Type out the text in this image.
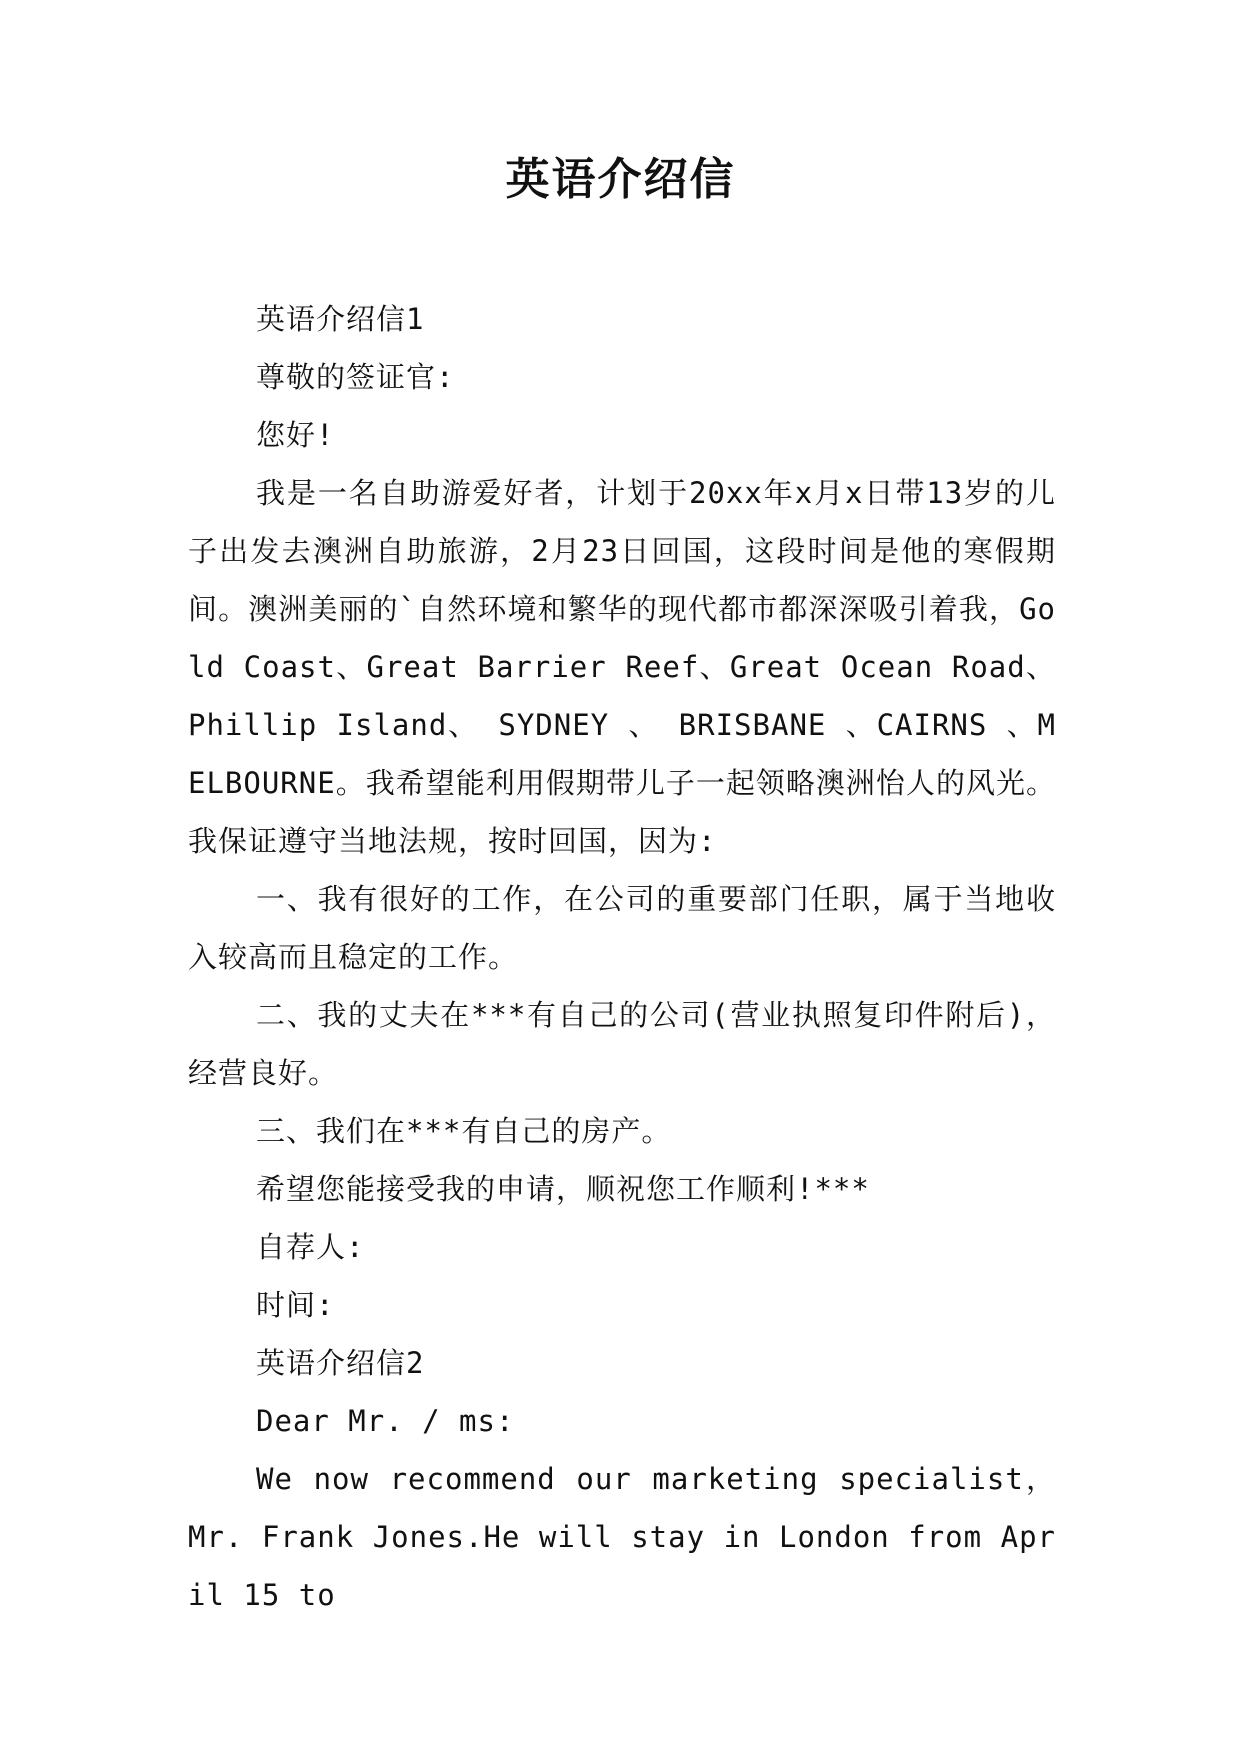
英语介绍信

英语介绍信1

尊敬的签证官:

您好!

我是一名自助游爱好者，计划于20xx年x月x日带13岁的儿子出发去澳洲自助旅游，2月23日回国，这段时间是他的寒假期间。澳洲美丽的`自然环境和繁华的现代都市都深深吸引着我，Gold Coast、Great Barrier Reef、Great Ocean Road、Phillip Island、 SYDNEY 、 BRISBANE 、CAIRNS 、MELBOURNE。我希望能利用假期带儿子一起领略澳洲怡人的风光。我保证遵守当地法规，按时回国，因为:

一、我有很好的工作，在公司的重要部门任职，属于当地收入较高而且稳定的工作。

二、我的丈夫在***有自己的公司(营业执照复印件附后)，经营良好。

三、我们在***有自己的房产。

希望您能接受我的申请，顺祝您工作顺利!***

自荐人:

时间:

英语介绍信2

Dear Mr. / ms:

We now recommend our marketing specialist， Mr. Frank Jones.He will stay in London from April 15 to
